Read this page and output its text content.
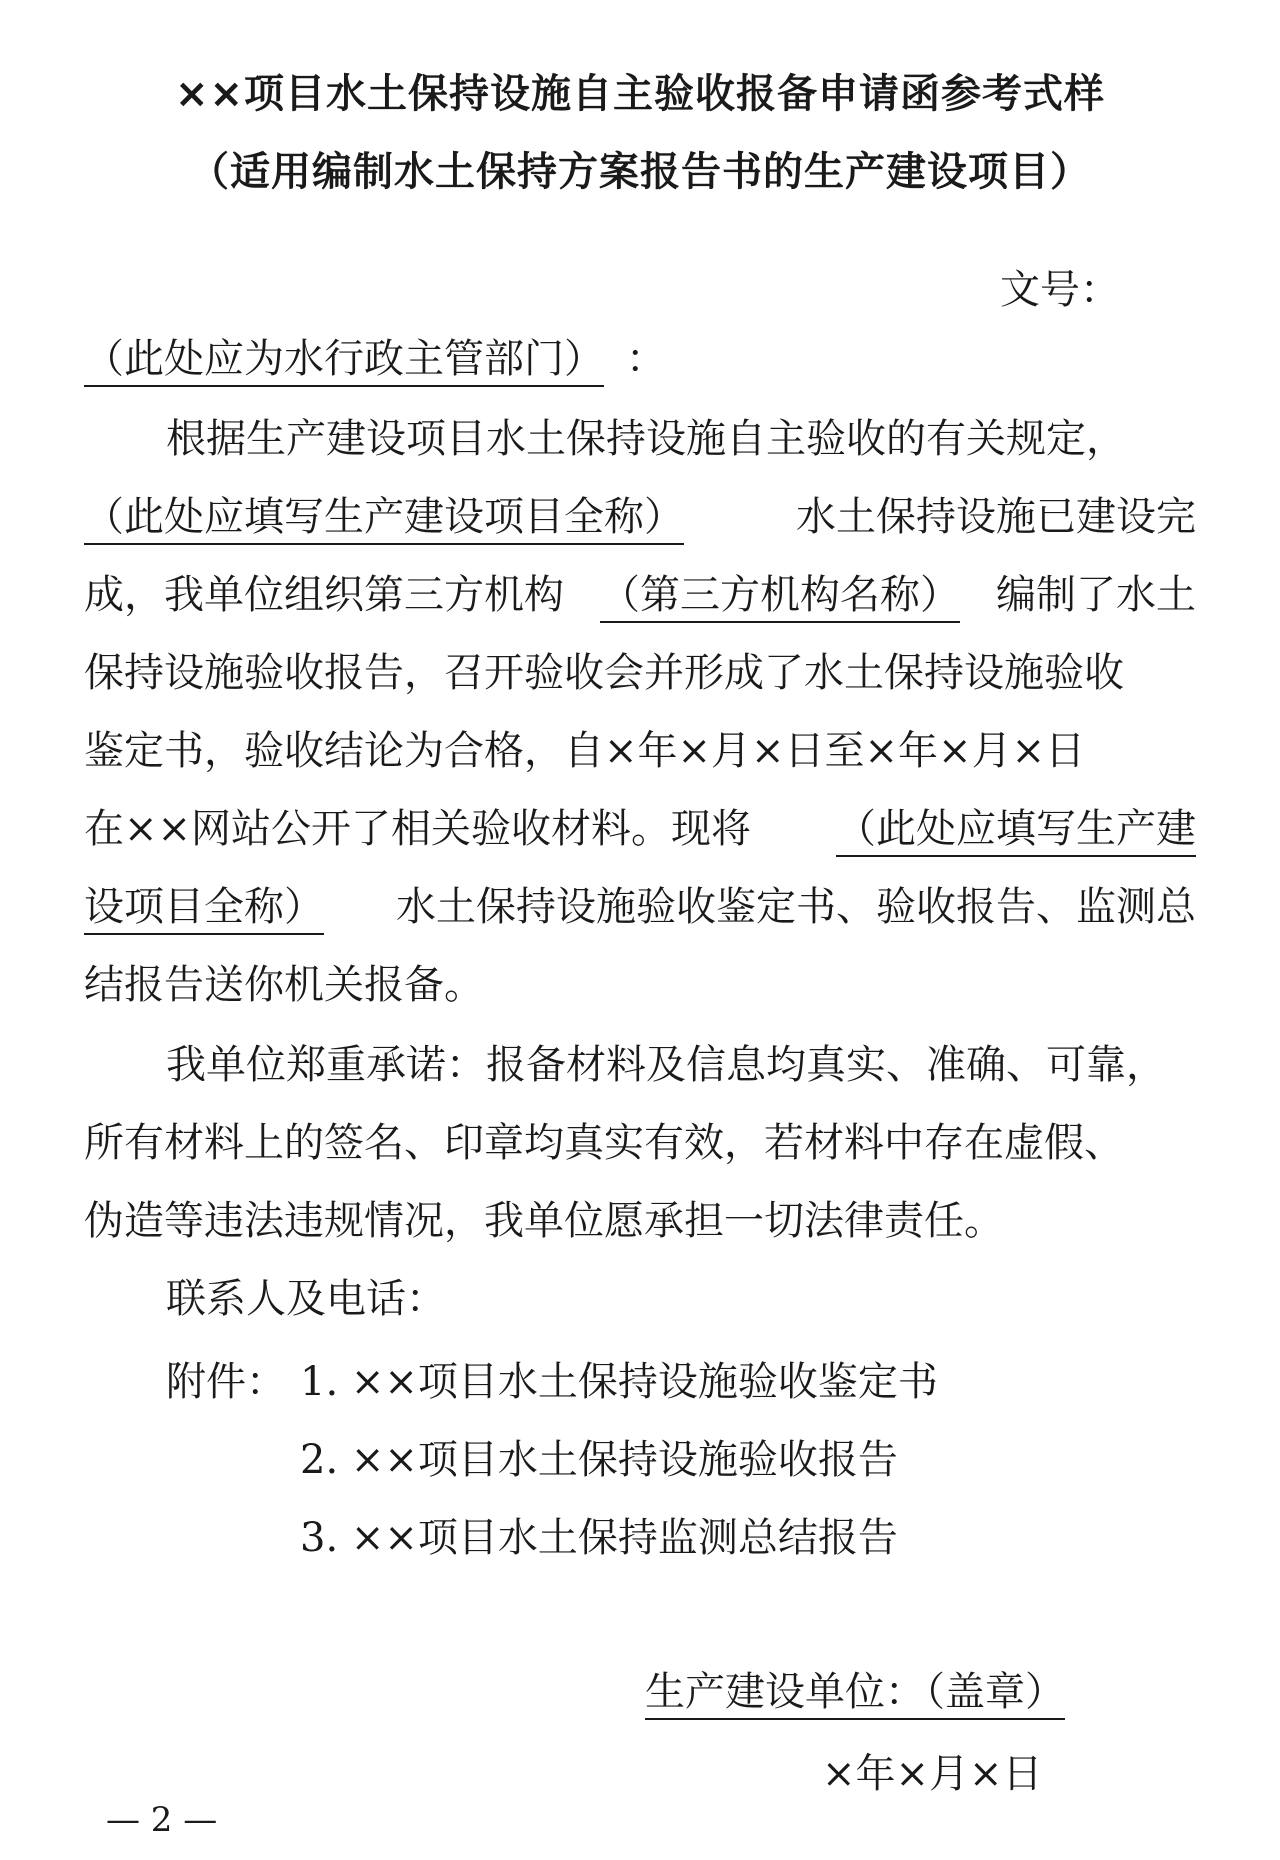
××项目水土保持设施自主验收报备申请函参考式样
（适用编制水土保持方案报告书的生产建设项目）
文号：
（此处应为水行政主管部门） ：
根据生产建设项目水土保持设施自主验收的有关规定，
（此处应填写生产建设项目全称）	水土保持设施已建设完
成，我单位组织第三方机构 （第三方机构名称） 编制了水土
保持设施验收报告，召开验收会并形成了水土保持设施验收
鉴定书，验收结论为合格，自×年×月×日至×年×月×日
在××网站公开了相关验收材料。现将 （此处应填写生产建
设项目全称） 水土保持设施验收鉴定书、验收报告、监测总
结报告送你机关报备。
我单位郑重承诺：报备材料及信息均真实、准确、可靠，
所有材料上的签名、印章均真实有效，若材料中存在虚假、
伪造等违法违规情况，我单位愿承担一切法律责任。
联系人及电话：
附件： 1. ××项目水土保持设施验收鉴定书
2. ××项目水土保持设施验收报告
3. ××项目水土保持监测总结报告
生产建设单位：（盖章）
×年×月×日
— 2 —
